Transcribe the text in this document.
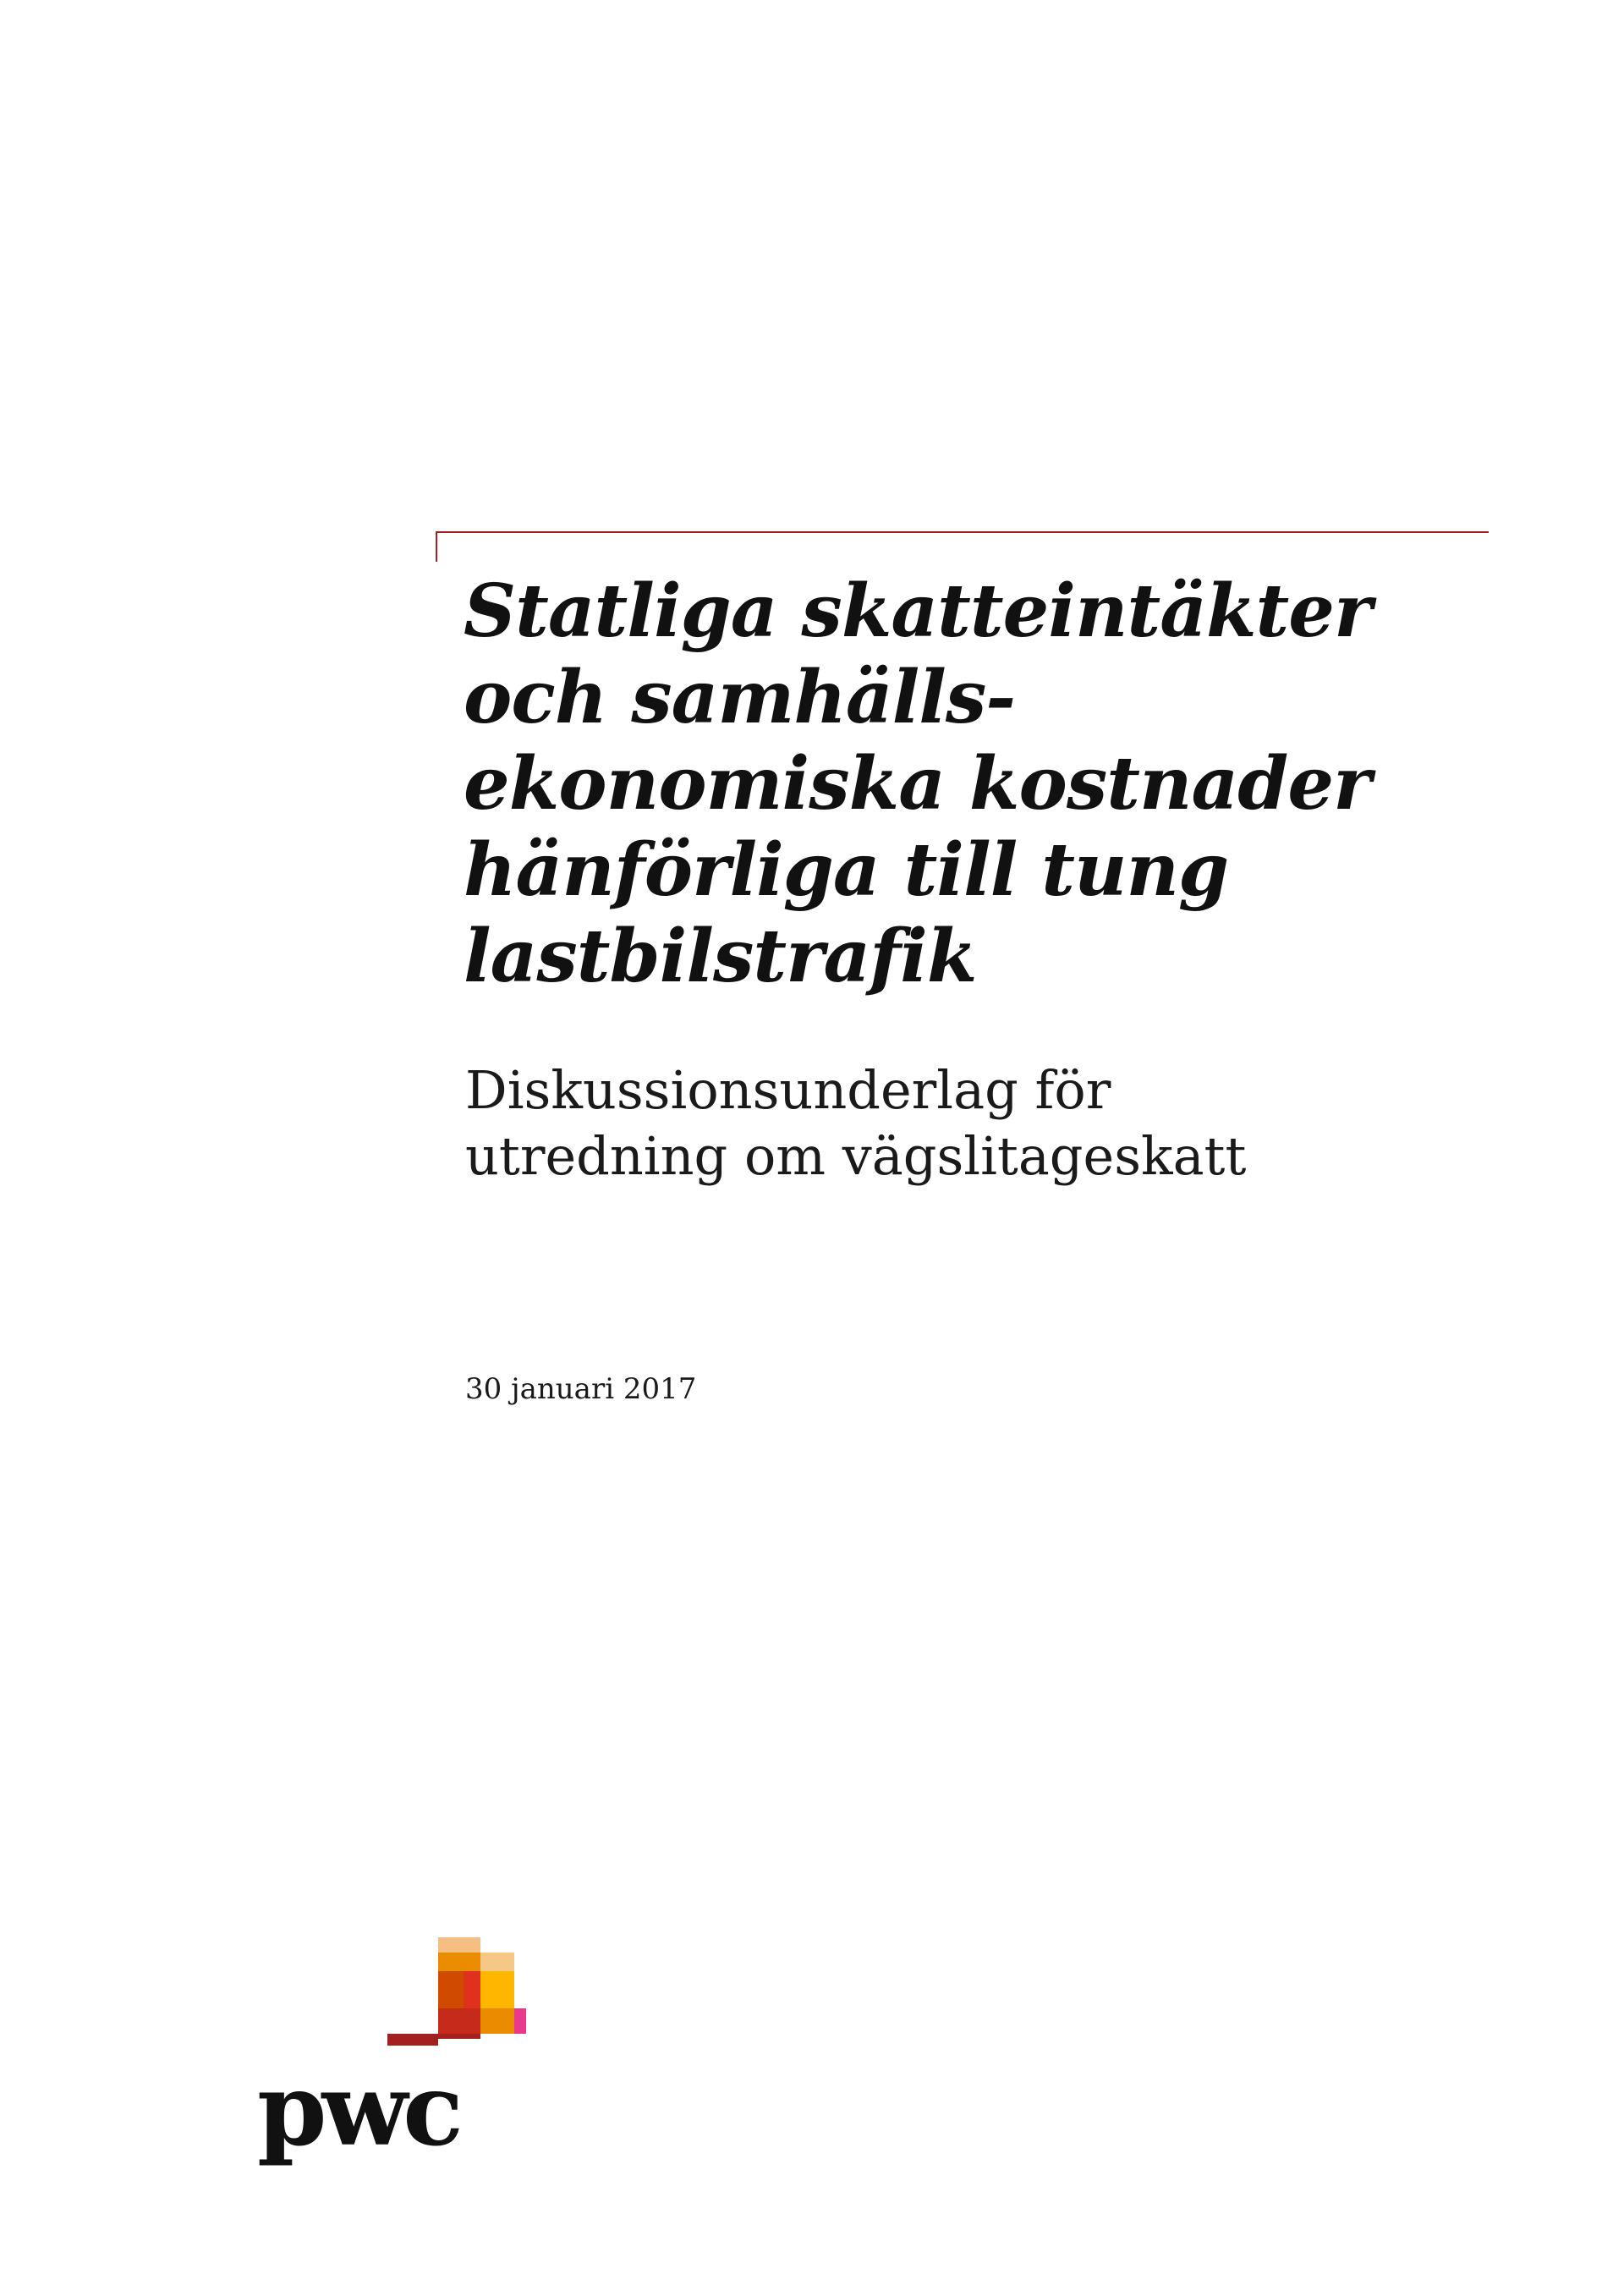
Statliga skatteintäkter
och samhälls-
ekonomiska kostnader
hänförliga till tung
lastbilstrafik
Diskussionsunderlag för
utredning om vägslitageskatt

30 januari 2017

pwc
